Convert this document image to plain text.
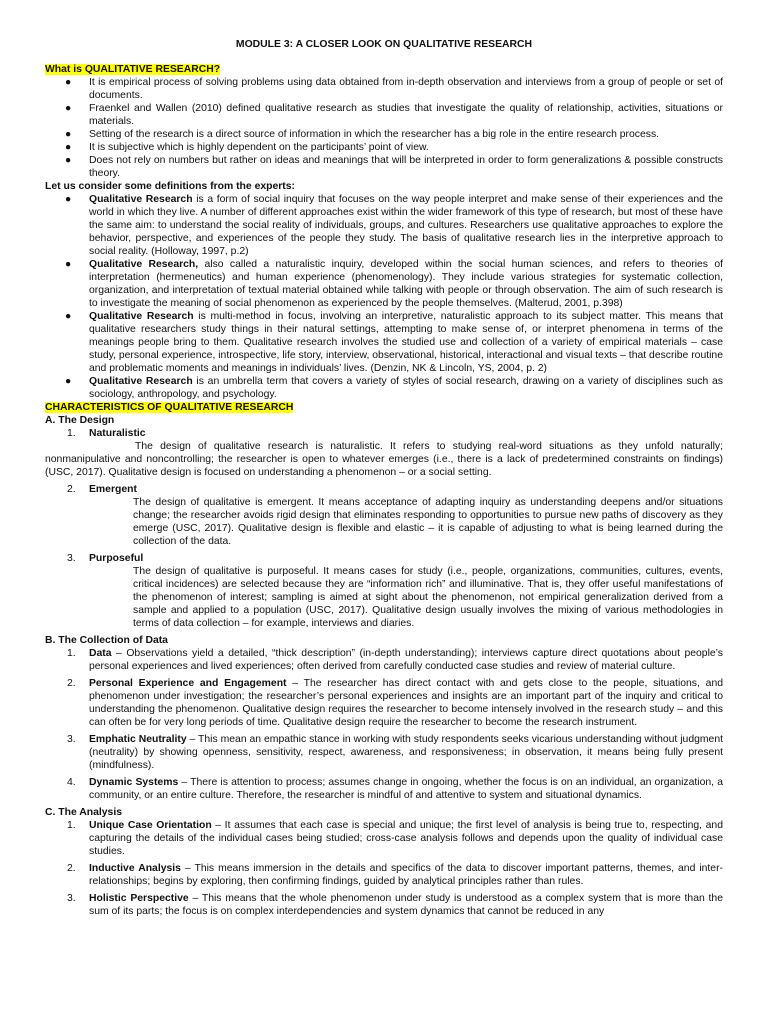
MODULE 3: A CLOSER LOOK ON QUALITATIVE RESEARCH
What is QUALITATIVE RESEARCH?
● It is empirical process of solving problems using data obtained from in-depth observation and interviews from a group of people or set of documents.
● Fraenkel and Wallen (2010) defined qualitative research as studies that investigate the quality of relationship, activities, situations or materials.
● Setting of the research is a direct source of information in which the researcher has a big role in the entire research process.
● It is subjective which is highly dependent on the participants’ point of view.
● Does not rely on numbers but rather on ideas and meanings that will be interpreted in order to form generalizations & possible constructs theory.
Let us consider some definitions from the experts:
● Qualitative Research is a form of social inquiry that focuses on the way people interpret and make sense of their experiences and the world in which they live. A number of different approaches exist within the wider framework of this type of research, but most of these have the same aim: to understand the social reality of individuals, groups, and cultures. Researchers use qualitative approaches to explore the behavior, perspective, and experiences of the people they study. The basis of qualitative research lies in the interpretive approach to social reality. (Holloway, 1997, p.2)
● Qualitative Research, also called a naturalistic inquiry, developed within the social human sciences, and refers to theories of interpretation (hermeneutics) and human experience (phenomenology). They include various strategies for systematic collection, organization, and interpretation of textual material obtained while talking with people or through observation. The aim of such research is to investigate the meaning of social phenomenon as experienced by the people themselves. (Malterud, 2001, p.398)
● Qualitative Research is multi-method in focus, involving an interpretive, naturalistic approach to its subject matter. This means that qualitative researchers study things in their natural settings, attempting to make sense of, or interpret phenomena in terms of the meanings people bring to them. Qualitative research involves the studied use and collection of a variety of empirical materials – case study, personal experience, introspective, life story, interview, observational, historical, interactional and visual texts – that describe routine and problematic moments and meanings in individuals’ lives. (Denzin, NK & Lincoln, YS, 2004, p. 2)
● Qualitative Research is an umbrella term that covers a variety of styles of social research, drawing on a variety of disciplines such as sociology, anthropology, and psychology.
CHARACTERISTICS OF QUALITATIVE RESEARCH
A. The Design
1. Naturalistic

The design of qualitative research is naturalistic. It refers to studying real-word situations as they unfold naturally; nonmanipulative and noncontrolling; the researcher is open to whatever emerges (i.e., there is a lack of predetermined constraints on findings) (USC, 2017). Qualitative design is focused on understanding a phenomenon – or a social setting.

2. Emergent

The design of qualitative is emergent. It means acceptance of adapting inquiry as understanding deepens and/or situations change; the researcher avoids rigid design that eliminates responding to opportunities to pursue new paths of discovery as they emerge (USC, 2017). Qualitative design is flexible and elastic – it is capable of adjusting to what is being learned during the collection of the data.

3. Purposeful

The design of qualitative is purposeful. It means cases for study (i.e., people, organizations, communities, cultures, events, critical incidences) are selected because they are “information rich” and illuminative. That is, they offer useful manifestations of the phenomenon of interest; sampling is aimed at sight about the phenomenon, not empirical generalization derived from a sample and applied to a population (USC, 2017). Qualitative design usually involves the mixing of various methodologies in terms of data collection – for example, interviews and diaries.

B. The Collection of Data
1. Data – Observations yield a detailed, “thick description” (in-depth understanding); interviews capture direct quotations about people’s personal experiences and lived experiences; often derived from carefully conducted case studies and review of material culture.
2. Personal Experience and Engagement – The researcher has direct contact with and gets close to the people, situations, and phenomenon under investigation; the researcher’s personal experiences and insights are an important part of the inquiry and critical to understanding the phenomenon. Qualitative design requires the researcher to become intensely involved in the research study – and this can often be for very long periods of time. Qualitative design require the researcher to become the research instrument.
3. Emphatic Neutrality – This mean an empathic stance in working with study respondents seeks vicarious understanding without judgment (neutrality) by showing openness, sensitivity, respect, awareness, and responsiveness; in observation, it means being fully present (mindfulness).
4. Dynamic Systems – There is attention to process; assumes change in ongoing, whether the focus is on an individual, an organization, a community, or an entire culture. Therefore, the researcher is mindful of and attentive to system and situational dynamics.
C. The Analysis
1. Unique Case Orientation – It assumes that each case is special and unique; the first level of analysis is being true to, respecting, and capturing the details of the individual cases being studied; cross-case analysis follows and depends upon the quality of individual case studies.
2. Inductive Analysis – This means immersion in the details and specifics of the data to discover important patterns, themes, and inter-relationships; begins by exploring, then confirming findings, guided by analytical principles rather than rules.
3. Holistic Perspective – This means that the whole phenomenon under study is understood as a complex system that is more than the sum of its parts; the focus is on complex interdependencies and system dynamics that cannot be reduced in any
